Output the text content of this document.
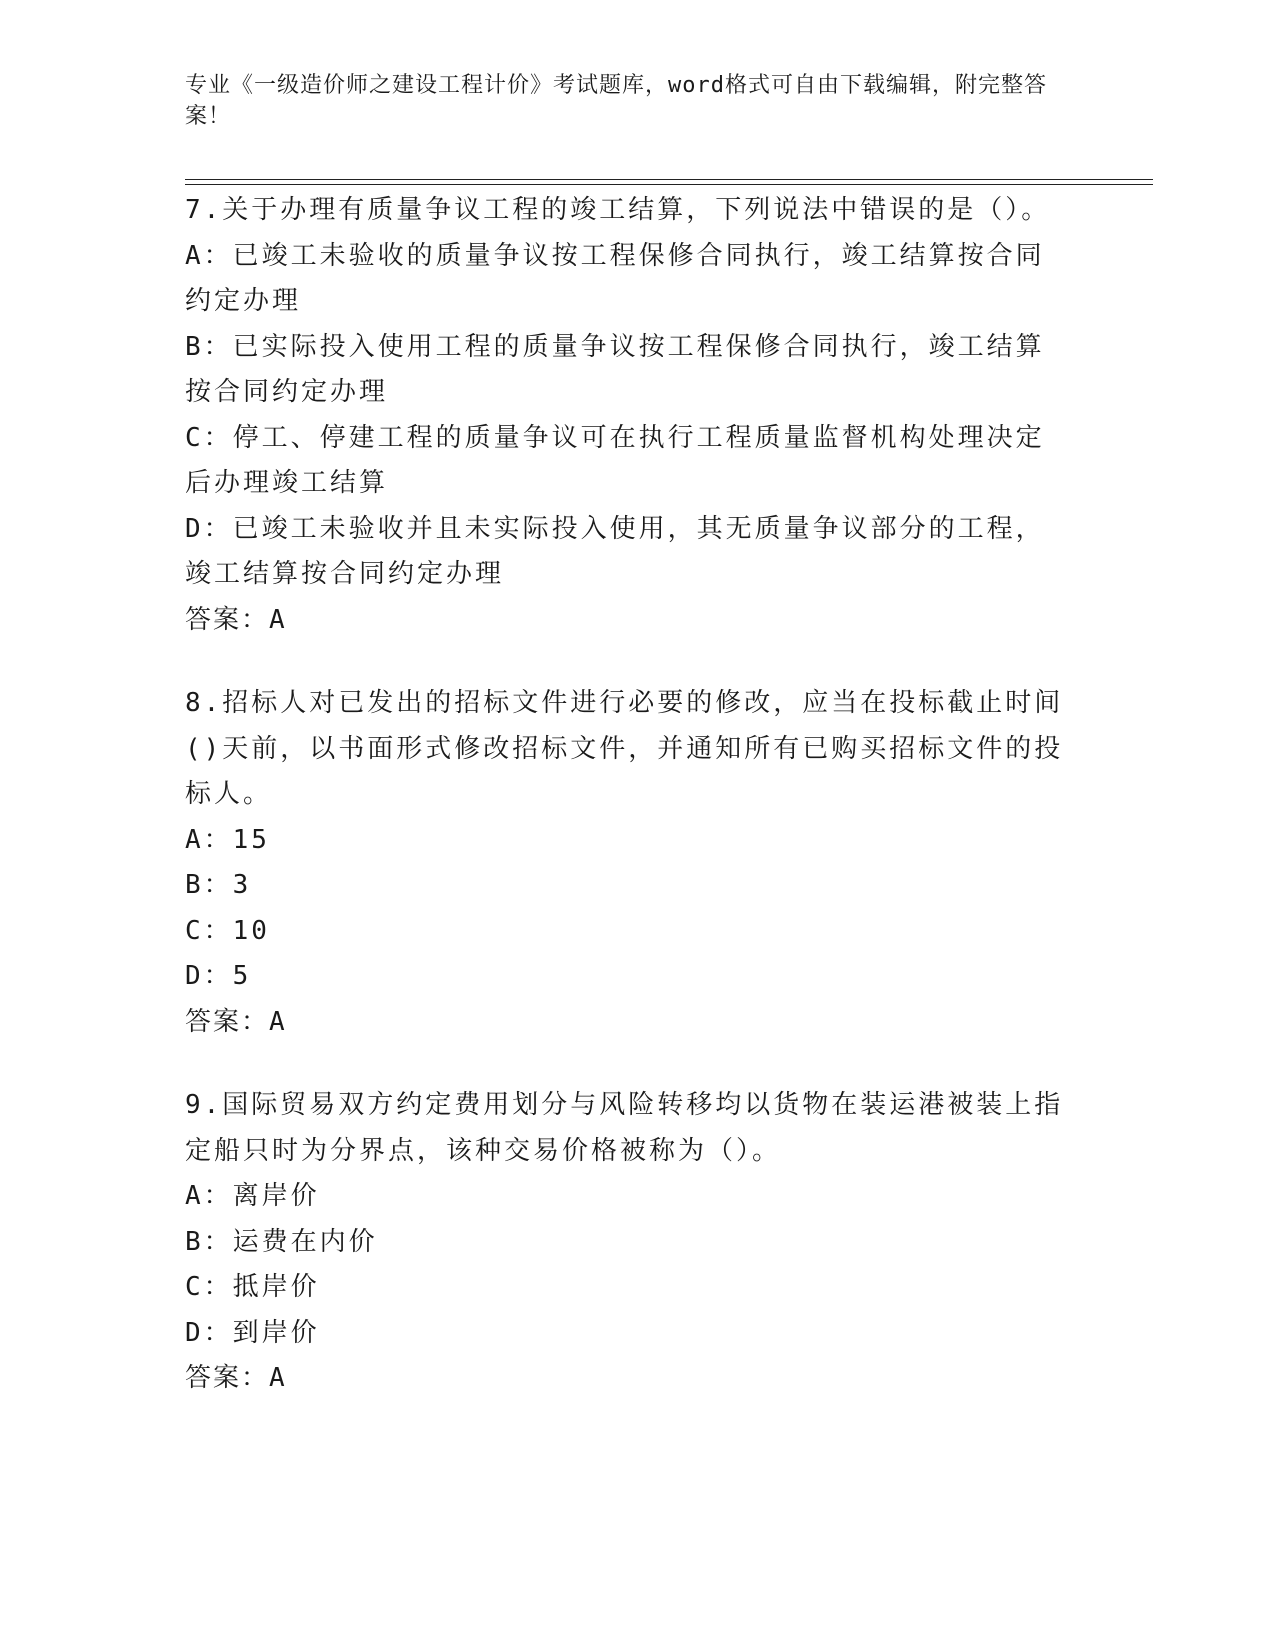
专业《一级造价师之建设工程计价》考试题库，word格式可自由下载编辑，附完整答案！

7.关于办理有质量争议工程的竣工结算，下列说法中错误的是（）。

A：已竣工未验收的质量争议按工程保修合同执行，竣工结算按合同约定办理
B：已实际投入使用工程的质量争议按工程保修合同执行，竣工结算按合同约定办理
C：停工、停建工程的质量争议可在执行工程质量监督机构处理决定后办理竣工结算
D：已竣工未验收并且未实际投入使用，其无质量争议部分的工程，竣工结算按合同约定办理
答案：A

8.招标人对已发出的招标文件进行必要的修改，应当在投标截止时间()天前，以书面形式修改招标文件，并通知所有已购买招标文件的投标人。

A：15
B：3
C：10
D：5
答案：A

9.国际贸易双方约定费用划分与风险转移均以货物在装运港被装上指定船只时为分界点，该种交易价格被称为（）。

A：离岸价
B：运费在内价
C：抵岸价
D：到岸价
答案：A
